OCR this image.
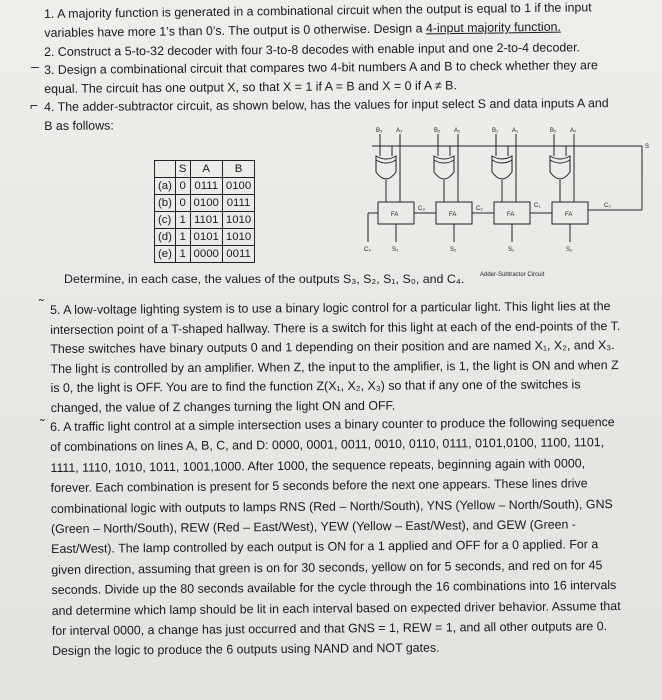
1. A majority function is generated in a combinational circuit when the output is equal to 1 if the input variables have more 1’s than 0’s. The output is 0 otherwise. Design a 4-input majority function.
2. Construct a 5-to-32 decoder with four 3-to-8 decodes with enable input and one 2-to-4 decoder.
– 3. Design a combinational circuit that compares two 4-bit numbers A and B to check whether they are equal. The circuit has one output X, so that X = 1 if A = B and X = 0 if A ≠ B.
⌐ 4. The adder-subtractor circuit, as shown below, has the values for input select S and data inputs A and B as follows:
	S	A	B
(a)	0	0111	0100
(b)	0	0100	0111
(c)	1	1101	1010
(d)	1	0101	1010
(e)	1	0000	0011
B₃ A₃	B₂ A₂	B₁ A₁	B₀ A₀
S
FA	FA	FA	FA
C₃	C₂	C₁	C₀
C₄	S₃	S₂	S₁	S₀
Adder-Subtractor Circuit
Determine, in each case, the values of the outputs S₃, S₂, S₁, S₀, and C₄.
˜ 5. A low-voltage lighting system is to use a binary logic control for a particular light. This light lies at the intersection point of a T-shaped hallway. There is a switch for this light at each of the end-points of the T. These switches have binary outputs 0 and 1 depending on their position and are named X₁, X₂, and X₃. The light is controlled by an amplifier. When Z, the input to the amplifier, is 1, the light is ON and when Z is 0, the light is OFF. You are to find the function Z(X₁, X₂, X₃) so that if any one of the switches is changed, the value of Z changes turning the light ON and OFF.
˜ 6. A traffic light control at a simple intersection uses a binary counter to produce the following sequence of combinations on lines A, B, C, and D: 0000, 0001, 0011, 0010, 0110, 0111, 0101,0100, 1100, 1101, 1111, 1110, 1010, 1011, 1001,1000. After 1000, the sequence repeats, beginning again with 0000, forever. Each combination is present for 5 seconds before the next one appears. These lines drive combinational logic with outputs to lamps RNS (Red – North/South), YNS (Yellow – North/South), GNS (Green – North/South), REW (Red – East/West), YEW (Yellow – East/West), and GEW (Green - East/West). The lamp controlled by each output is ON for a 1 applied and OFF for a 0 applied. For a given direction, assuming that green is on for 30 seconds, yellow on for 5 seconds, and red on for 45 seconds. Divide up the 80 seconds available for the cycle through the 16 combinations into 16 intervals and determine which lamp should be lit in each interval based on expected driver behavior. Assume that for interval 0000, a change has just occurred and that GNS = 1, REW = 1, and all other outputs are 0. Design the logic to produce the 6 outputs using NAND and NOT gates.
